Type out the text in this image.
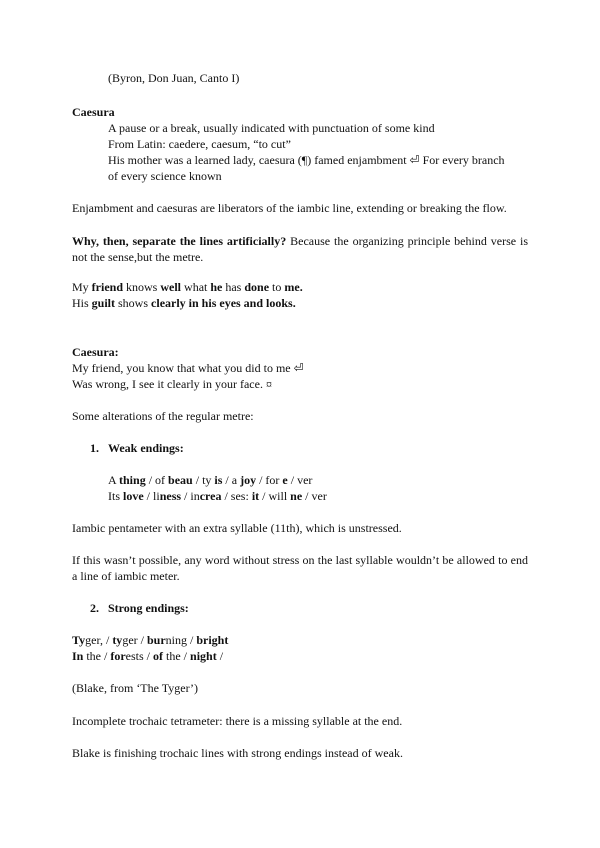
(Byron, Don Juan, Canto I)
Caesura
A pause or a break, usually indicated with punctuation of some kind
From Latin: caedere, caesum, “to cut”
His mother was a learned lady, caesura (¶) famed enjambment ⏎ For every branch
of every science known
Enjambment and caesuras are liberators of the iambic line, extending or breaking the flow.
Why, then, separate the lines artificially? Because the organizing principle behind verse is not the sense,but the metre.
My friend knows well what he has done to me.
His guilt shows clearly in his eyes and looks.
Caesura:
My friend, you know that what you did to me ⏎
Was wrong, I see it clearly in your face. ¤
Some alterations of the regular metre:
1. Weak endings:
A thing / of beau / ty is / a joy / for e / ver
Its love / liness / increa / ses: it / will ne / ver
Iambic pentameter with an extra syllable (11th), which is unstressed.
If this wasn’t possible, any word without stress on the last syllable wouldn’t be allowed to end a line of iambic meter.
2. Strong endings:
Tyger, / tyger / burning / bright
In the / forests / of the / night /
(Blake, from ‘The Tyger’)
Incomplete trochaic tetrameter: there is a missing syllable at the end.
Blake is finishing trochaic lines with strong endings instead of weak.
